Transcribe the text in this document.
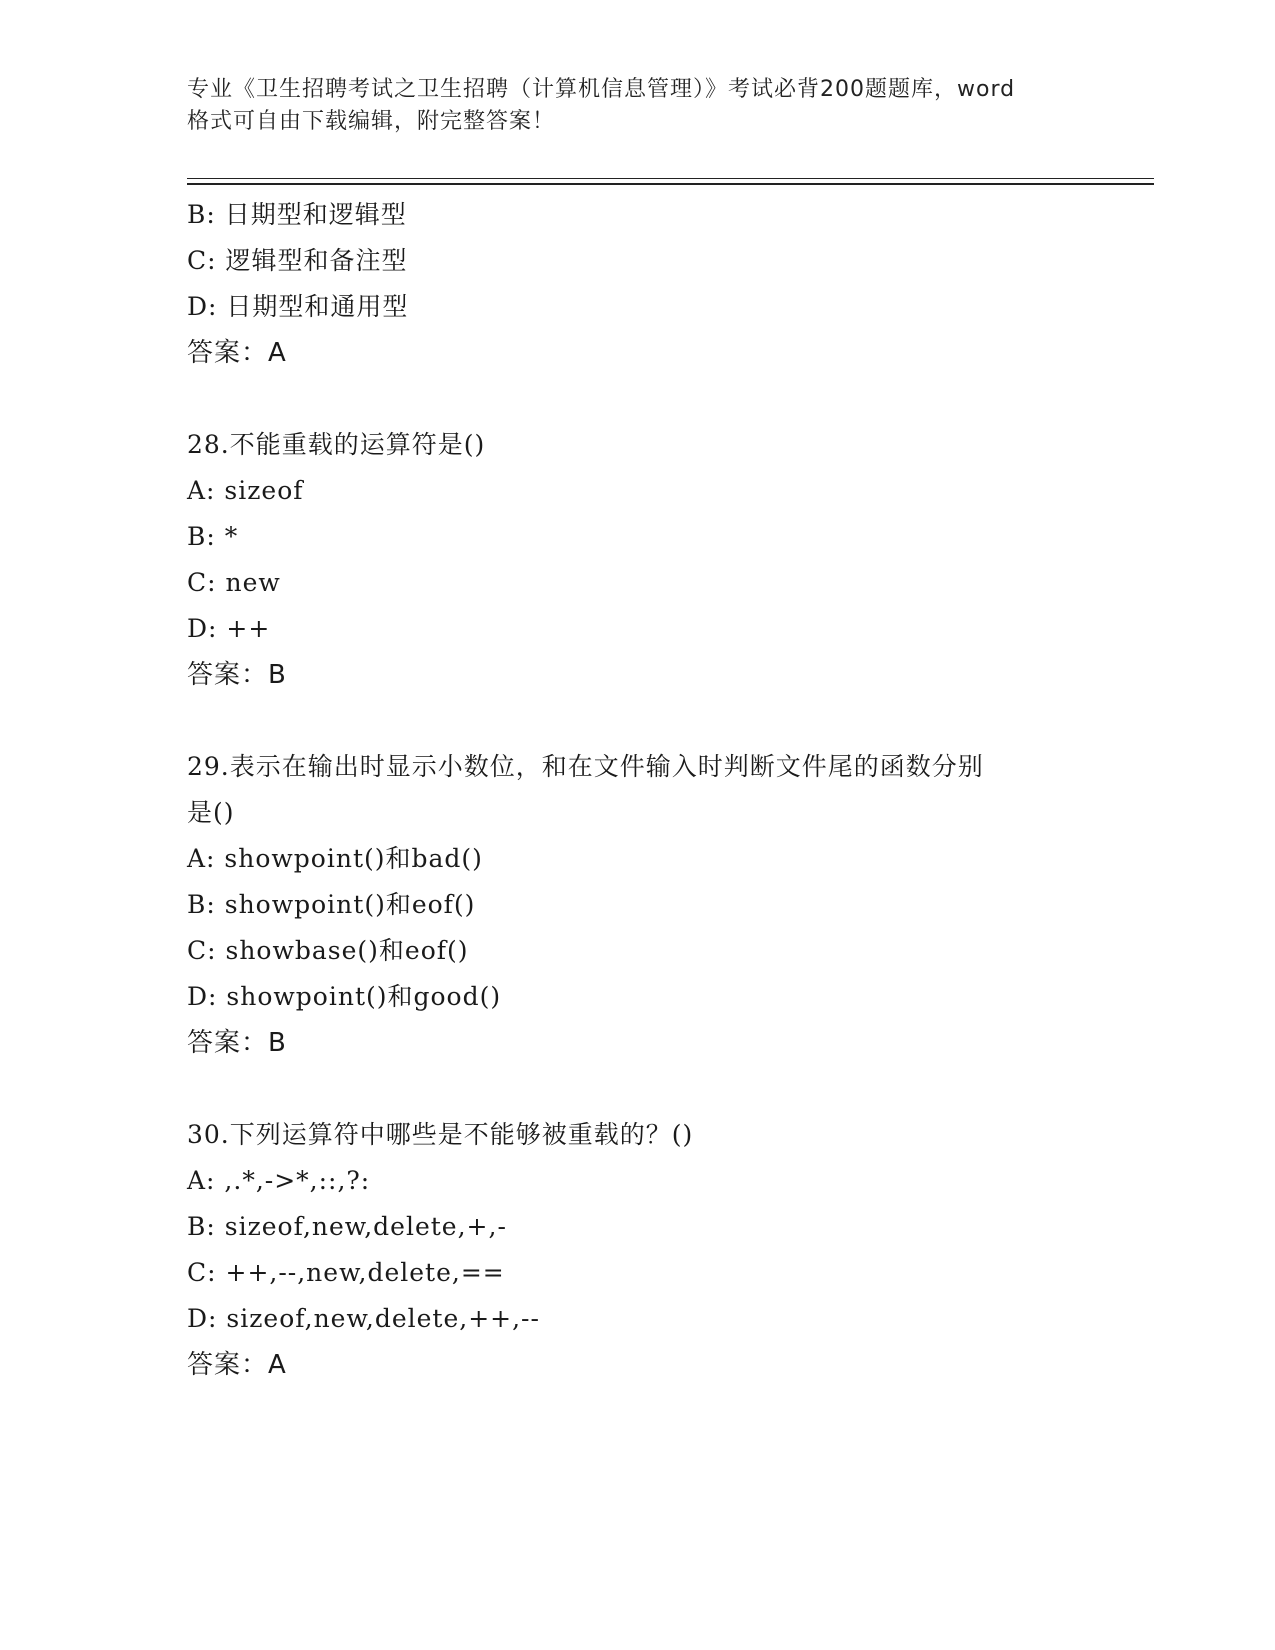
专业《卫生招聘考试之卫生招聘（计算机信息管理）》考试必背200题题库，word
格式可自由下载编辑，附完整答案！
B: 日期型和逻辑型
C: 逻辑型和备注型
D: 日期型和通用型
答案：A
28.不能重载的运算符是()
A: sizeof
B: *
C: new
D: ++
答案：B
29.表示在输出时显示小数位，和在文件输入时判断文件尾的函数分别
是()
A: showpoint()和bad()
B: showpoint()和eof()
C: showbase()和eof()
D: showpoint()和good()
答案：B
30.下列运算符中哪些是不能够被重载的？()
A: ,.*,->*,::,?:
B: sizeof,new,delete,+,-
C: ++,--,new,delete,==
D: sizeof,new,delete,++,--
答案：A
